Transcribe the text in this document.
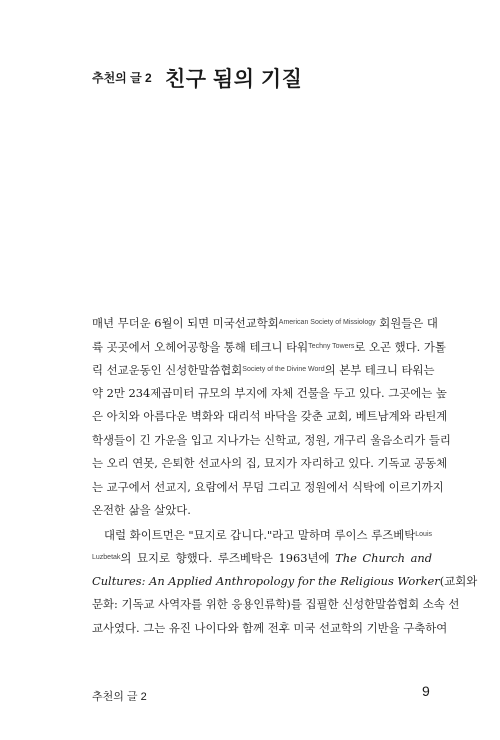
추천의 글 2 친구 됨의 기질
매년 무더운 6월이 되면 미국선교학회$^{American Society of Missiology}$ 회원들은 대
륙 곳곳에서 오헤어공항을 통해 테크니 타워$^{Techny Towers}$로 오곤 했다. 가톨
릭 선교운동인 신성한말씀협회$^{Society of the Divine Word}$의 본부 테크니 타워는
약 2만 234제곱미터 규모의 부지에 자체 건물을 두고 있다. 그곳에는 높
은 아치와 아름다운 벽화와 대리석 바닥을 갖춘 교회, 베트남계와 라틴계
학생들이 긴 가운을 입고 지나가는 신학교, 정원, 개구리 울음소리가 들리
는 오리 연못, 은퇴한 선교사의 집, 묘지가 자리하고 있다. 기독교 공동체
는 교구에서 선교지, 요람에서 무덤 그리고 정원에서 식탁에 이르기까지
온전한 삶을 살았다.
대럴 화이트먼은 "묘지로 갑니다."라고 말하며 루이스 루즈베탁$^{Louis}$
$^{Luzbetak}$의 묘지로 향했다. 루즈베탁은 1963년에 The Church and
Cultures: An Applied Anthropology for the Religious Worker(교회와
문화: 기독교 사역자를 위한 응용인류학)를 집필한 신성한말씀협회 소속 선
교사였다. 그는 유진 나이다와 함께 전후 미국 선교학의 기반을 구축하여
추천의 글 2	9
